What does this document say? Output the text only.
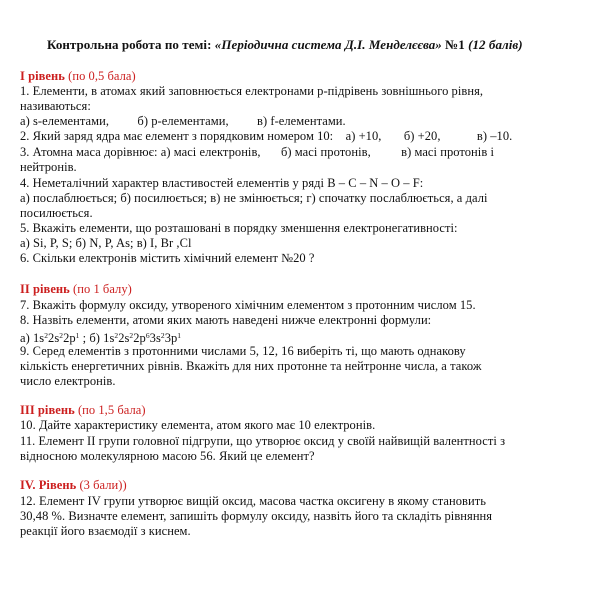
Контрольна робота по темі: «Періодична система Д.І. Менделєєва» №1 (12 балів)
І рівень (по 0,5 бала)
1. Елементи, в атомах який заповнюється електронами p-підрівень зовнішнього рівня,
називаються:
а) s-елементами, б) p-елементами, в) f-елементами.
2. Який заряд ядра має елемент з порядковим номером 10: а) +10, б) +20,	в) –10.
3. Атомна маса дорівнює: а) масі електронів, б) масі протонів, в) масі протонів і
нейтронів.
4. Неметалічний характер властивостей елементів у ряді B – C – N – O – F:
а) послаблюється; б) посилюється; в) не змінюється; г) спочатку послаблюється, а далі
посилюється.
5. Вкажіть елементи, що розташовані в порядку зменшення електронегативності:
а) Si, P, S; б) N, P, As; в) I, Br ,Cl
6. Скільки електронів містить хімічний елемент №20 ?
ІІ рівень (по 1 балу)
7. Вкажіть формулу оксиду, утвореного хімічним елементом з протонним числом 15.
8. Назвіть елементи, атоми яких мають наведені нижче електронні формули:
а) $1s^22s^22p^1$ ; б) $1s^22s^22p^63s^23p^1$
9. Серед елементів з протонними числами 5, 12, 16 виберіть ті, що мають однакову
кількість енергетичних рівнів. Вкажіть для них протонне та нейтронне числа, а також
число електронів.
ІІІ рівень (по 1,5 бала)
10. Дайте характеристику елемента, атом якого має 10 електронів.
11. Елемент ІІ групи головної підгрупи, що утворює оксид у своїй найвищій валентності з
відносною молекулярною масою 56. Який це елемент?
ІV. Рівень (3 бали))
12. Елемент ІV групи утворює вищій оксид, масова частка оксигену в якому становить
30,48 %. Визначте елемент, запишіть формулу оксиду, назвіть його та складіть рівняння
реакції його взаємодії з киснем.
